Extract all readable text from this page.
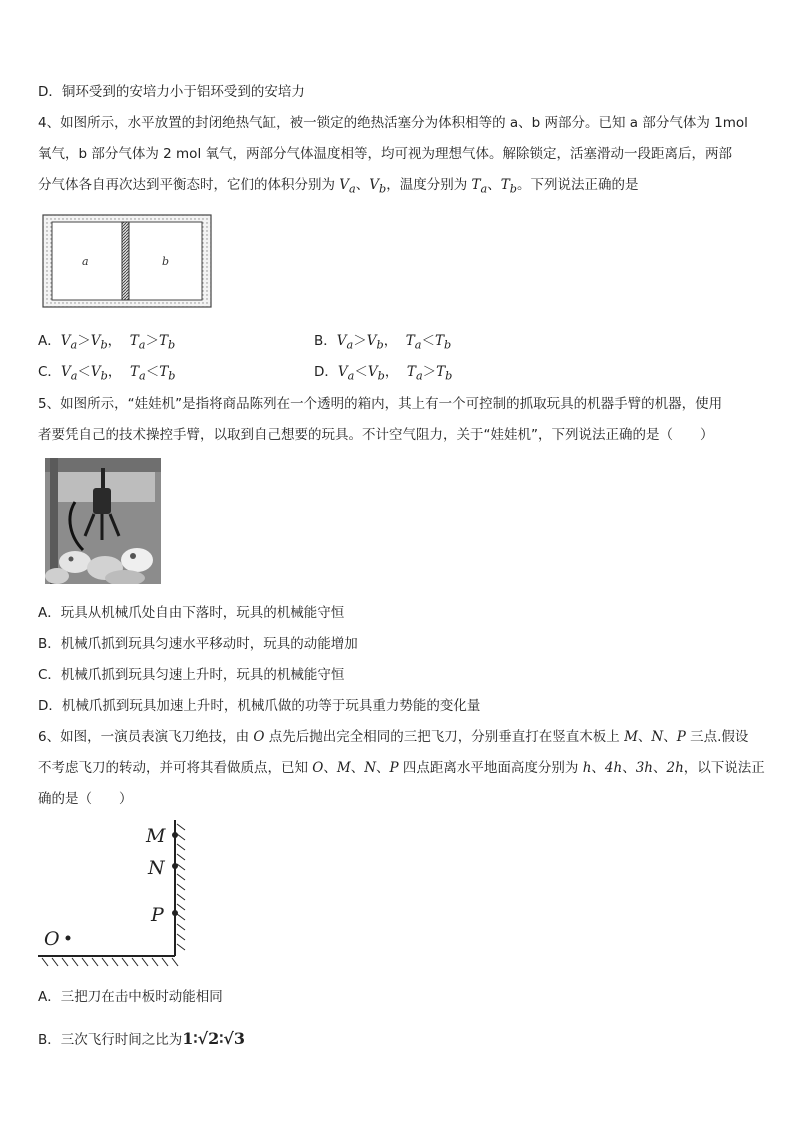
D．铜环受到的安培力小于铝环受到的安培力
4、如图所示，水平放置的封闭绝热气缸，被一锁定的绝热活塞分为体积相等的 a、b 两部分。已知 a 部分气体为 1mol
氧气，b 部分气体为 2 mol 氧气，两部分气体温度相等，均可视为理想气体。解除锁定，活塞滑动一段距离后，两部
分气体各自再次达到平衡态时，它们的体积分别为 $V_a$、$V_b$，温度分别为 $T_a$、$T_b$。下列说法正确的是
a	b
A．$V_a>V_b$，  $T_a>T_b$	B．$V_a>V_b$，  $T_a<T_b$
C．$V_a<V_b$，  $T_a<T_b$	D．$V_a<V_b$，  $T_a>T_b$
5、如图所示，“娃娃机”是指将商品陈列在一个透明的箱内，其上有一个可控制的抓取玩具的机器手臂的机器，使用
者要凭自己的技术操控手臂，以取到自己想要的玩具。不计空气阻力，关于“娃娃机”，下列说法正确的是（　　）
A．玩具从机械爪处自由下落时，玩具的机械能守恒
B．机械爪抓到玩具匀速水平移动时，玩具的动能增加
C．机械爪抓到玩具匀速上升时，玩具的机械能守恒
D．机械爪抓到玩具加速上升时，机械爪做的功等于玩具重力势能的变化量
6、如图，一演员表演飞刀绝技，由 O 点先后抛出完全相同的三把飞刀，分别垂直打在竖直木板上 M、N、P 三点.假设
不考虑飞刀的转动，并可将其看做质点，已知 O、M、N、P 四点距离水平地面高度分别为 h、4h、3h、2h，以下说法正
确的是（　　）
M
N
P
O
A．三把刀在击中板时动能相同
B．三次飞行时间之比为1∶√2∶√3
